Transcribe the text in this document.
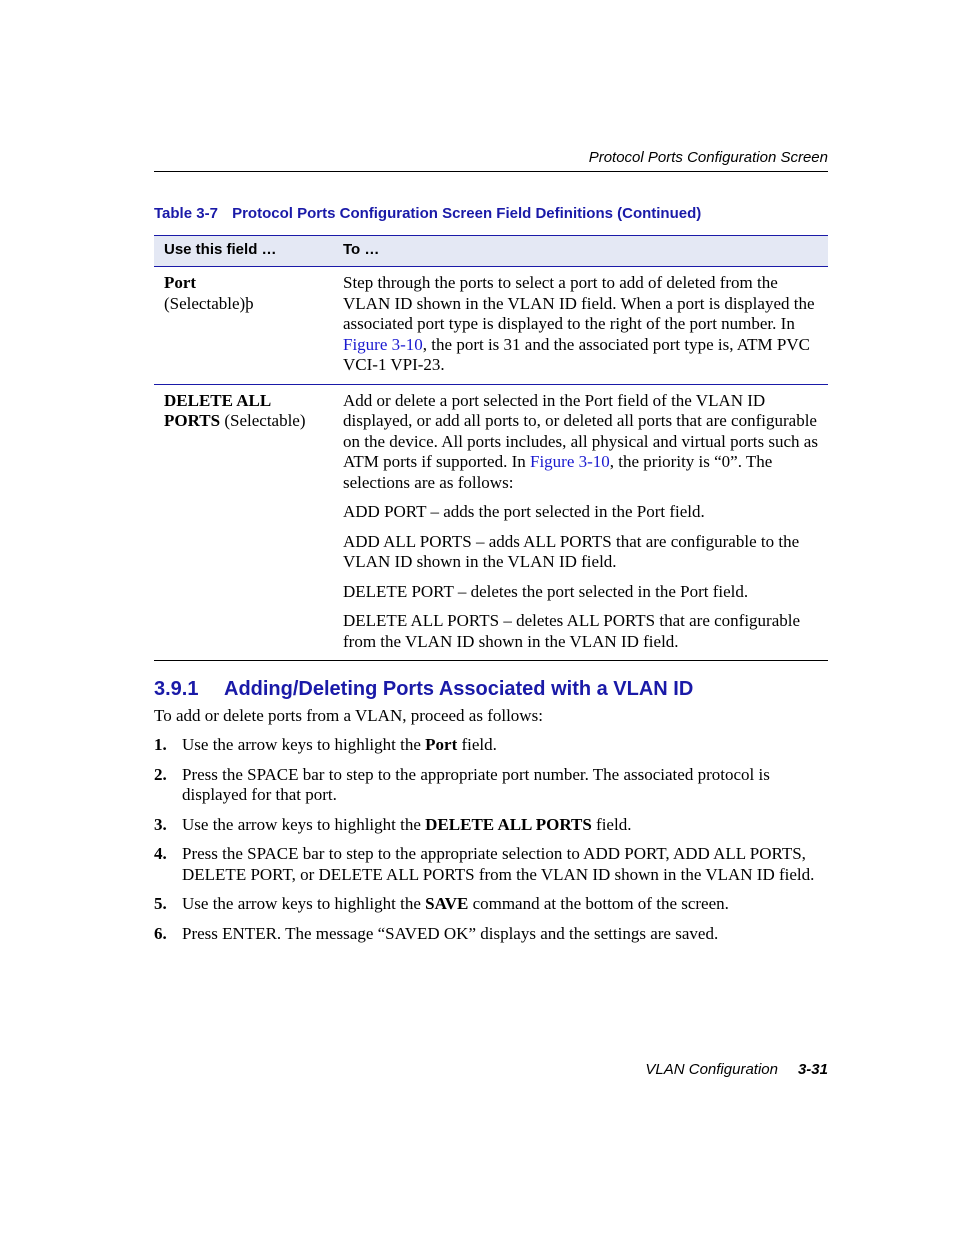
Protocol Ports Configuration Screen
Table 3-7 Protocol Ports Configuration Screen Field Definitions (Continued)
Use this field …	To …
Port
(Selectable)þ

Step through the ports to select a port to add of deleted from the VLAN ID shown in the VLAN ID field. When a port is displayed the associated port type is displayed to the right of the port number. In Figure 3-10, the port is 31 and the associated port type is, ATM PVC VCI-1 VPI-23.

DELETE ALL PORTS (Selectable)

Add or delete a port selected in the Port field of the VLAN ID displayed, or add all ports to, or deleted all ports that are configurable on the device. All ports includes, all physical and virtual ports such as ATM ports if supported. In Figure 3-10, the priority is “0”. The selections are as follows:

ADD PORT – adds the port selected in the Port field.

ADD ALL PORTS – adds ALL PORTS that are configurable to the VLAN ID shown in the VLAN ID field.

DELETE PORT – deletes the port selected in the Port field.

DELETE ALL PORTS – deletes ALL PORTS that are configurable from the VLAN ID shown in the VLAN ID field.

3.9.1 Adding/Deleting Ports Associated with a VLAN ID
To add or delete ports from a VLAN, proceed as follows:
1. Use the arrow keys to highlight the Port field.
2. Press the SPACE bar to step to the appropriate port number. The associated protocol is displayed for that port.
3. Use the arrow keys to highlight the DELETE ALL PORTS field.
4. Press the SPACE bar to step to the appropriate selection to ADD PORT, ADD ALL PORTS, DELETE PORT, or DELETE ALL PORTS from the VLAN ID shown in the VLAN ID field.
5. Use the arrow keys to highlight the SAVE command at the bottom of the screen.
6. Press ENTER. The message “SAVED OK” displays and the settings are saved.
VLAN Configuration 3-31
